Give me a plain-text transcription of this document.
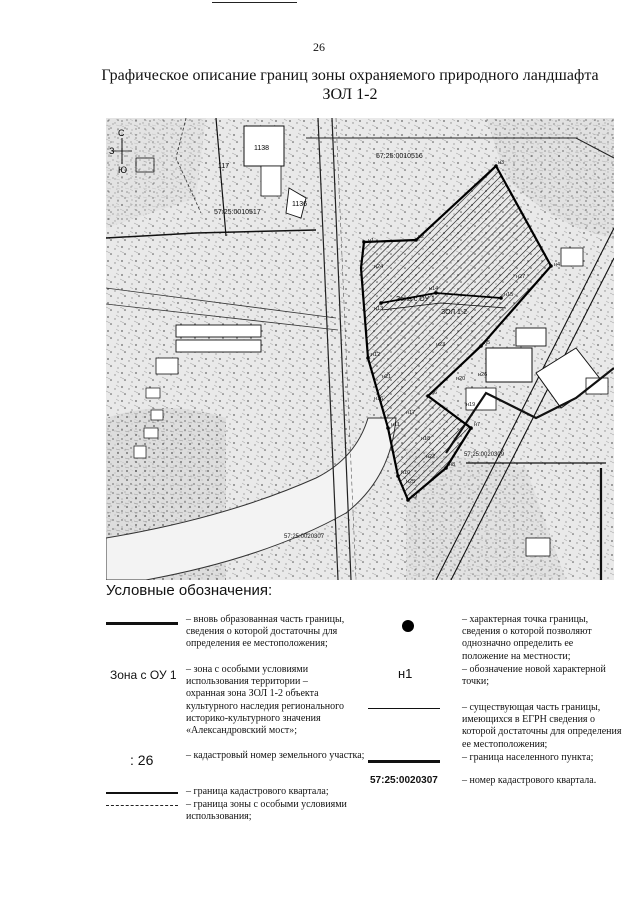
26
Графическое описание границ зоны охраняемого природного ландшафта
ЗОЛ 1-2
С
Ю
З
57:25:0010516
57:25:0010517
57:25:0020309
57:25:0020307
1138
1136
117
Зона с ОУ 1
ЗОЛ 1-2
н1
н2
н3
н4
н5
н6
н7
н8
н9
н10
н11
н12
н13
н14
н15
н16
н17
н18
н19
н20
н21
н22
н23
н24
н25
н26
н27
Условные обозначения:
– вновь образованная часть границы, сведения о которой достаточны для определения ее местоположения;
Зона с ОУ 1 – зона с особыми условиями использования территории – охранная зона ЗОЛ 1-2 объекта культурного наследия регионального историко-культурного значения «Александровский мост»;
: 26	– кадастровый номер земельного участка;
– граница кадастрового квартала;
– граница зоны с особыми условиями использования;
– характерная точка границы, сведения о которой позволяют однозначно определить ее положение на местности;
н1	– обозначение новой характерной точки;
– существующая часть границы, имеющихся в ЕГРН сведения о которой достаточны для определения ее местоположения;
– граница населенного пункта;
57:25:0020307 – номер кадастрового квартала.
